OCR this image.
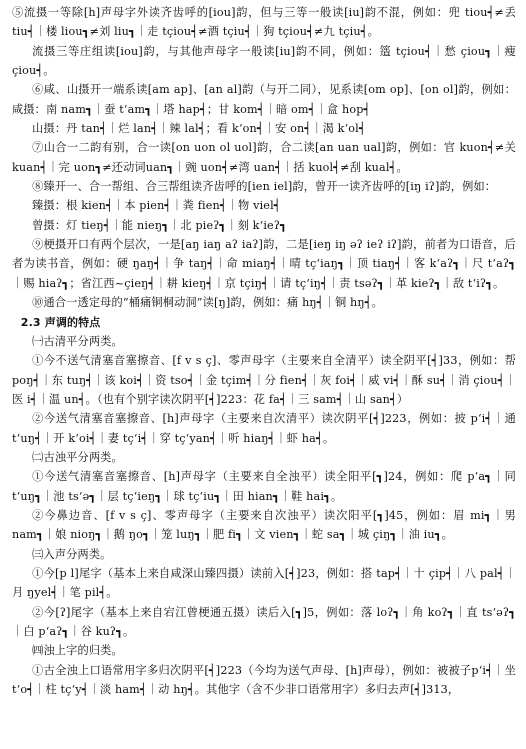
⑤流摄一等除[h]声母字外读齐齿呼的[iou]韵，但与三等一般读[iu]韵不混，例如：兜 tiou┥≠丢 tiu┥｜楼 liou┓≠刘 liu┓｜走 tçiou┥≠酒 tçiu┥｜狗 tçiou┥≠九 tçiu┥。

流摄三等庄组读[iou]韵，与其他声母字一般读[iu]韵不同，例如：簉 tçiou┥｜愁 çiou┓｜瘦 çiou┥。

⑥咸、山摄开一端系读[am ap]、[an al]韵（与开二同），见系读[om op]、[on ol]韵，例如：咸摄：南 nam┓｜蚕 t‘am┓｜塔 hap┥；甘 kom┥｜暗 om┥｜盒 hop┥

山摄：丹 tan┥｜烂 lan┥｜辣 lal┥；看 k‘on┥｜安 on┥｜渴 k‘ol┥

⑦山合一二韵有别，合一读[on uon ol uol]韵，合二读[an uan ual]韵，例如：官 kuon┥≠关 kuan┥｜完 uon┓≠还动词uan┓｜豌 uon┥≠湾 uan┥｜括 kuol┥≠刮 kual┥。

⑧臻开一、合一帮组、合三帮组读齐齿呼的[ien iel]韵，曾开一读齐齿呼的[iŋ iʔ]韵，例如：

臻摄：根 kien┥｜本 pien┥｜粪 fien┥｜物 viel┥

曾摄：灯 tieŋ┥｜能 nieŋ┓｜北 pieʔ┓｜刻 k‘ieʔ┓

⑨梗摄开口有两个层次，一是[aŋ iaŋ aʔ iaʔ]韵，二是[ieŋ iŋ əʔ ieʔ iʔ]韵，前者为口语音，后者为读书音，例如：硬 ŋaŋ┥｜争 taŋ┥｜命 miaŋ┥｜晴 tç‘iaŋ┓｜顶 tiaŋ┥｜客 k‘aʔ┓｜尺 t‘aʔ┓｜赐 hiaʔ┓；省江西~çieŋ┥｜耕 kieŋ┥｜京 tçiŋ┥｜请 tç‘iŋ┥｜责 tsəʔ┓｜革 kieʔ┓｜敌 t‘iʔ┓。

⑩通合一透定母的“桶痛铜桐动洞”读[ŋ]韵，例如：痛 hŋ┥｜铜 hŋ┥。

2.3 声调的特点

㈠古清平分两类。

①今不送气清塞音塞擦音、[f v s ç]、零声母字（主要来自全清平）读全阴平[┥]33，例如：帮 poŋ┥｜东 tuŋ┥｜该 koi┥｜资 tso┥｜金 tçim┥｜分 fien┥｜灰 foi┥｜威 vi┥｜酥 su┥｜消 çiou┥｜医 i┥｜温 un┥。（也有个别字读次阴平[┥]223：花 fa┥｜三 sam┥｜山 san┥）

②今送气清塞音塞擦音、[h]声母字（主要来自次清平）读次阴平[┥]223，例如：披 p‘i┥｜通 t‘uŋ┥｜开 k‘oi┥｜妻 tç‘i┥｜穿 tç‘yan┥｜听 hiaŋ┥｜虾 ha┥。

㈡古浊平分两类。

①今送气清塞音塞擦音、[h]声母字（主要来自全浊平）读全阳平[┓]24，例如：爬 p‘a┓｜同 t‘uŋ┓｜池 ts‘ə┓｜层 tç‘ieŋ┓｜球 tç‘iu┓｜田 hian┓｜鞋 hai┓。

②今鼻边音、[f v s ç]、零声母字（主要来自次浊平）读次阳平[┓]45，例如：眉 mi┓｜男 nam┓｜娘 nioŋ┓｜鹅 ŋo┓｜笼 luŋ┓｜肥 fi┓｜文 vien┓｜蛇 sa┓｜城 çiŋ┓｜油 iu┓。

㈢入声分两类。

①今[p l]尾字（基本上来自咸深山臻四摄）读前入[┥]23，例如：搭 tap┥｜十 çip┥｜八 pal┥｜月 ŋyel┥｜笔 pil┥。

②今[ʔ]尾字（基本上来自宕江曾梗通五摄）读后入[┓]5，例如：落 loʔ┓｜角 koʔ┓｜直 ts‘əʔ┓｜白 p‘aʔ┓｜谷 kuʔ┓。

㈣浊上字的归类。

①古全浊上口语常用字多归次阴平[┥]223（今均为送气声母、[h]声母），例如：被被子p‘i┥｜坐 t‘o┥｜柱 tç‘y┥｜淡 ham┥｜动 hŋ┥。其他字（含不少非口语常用字）多归去声[┥]313，
